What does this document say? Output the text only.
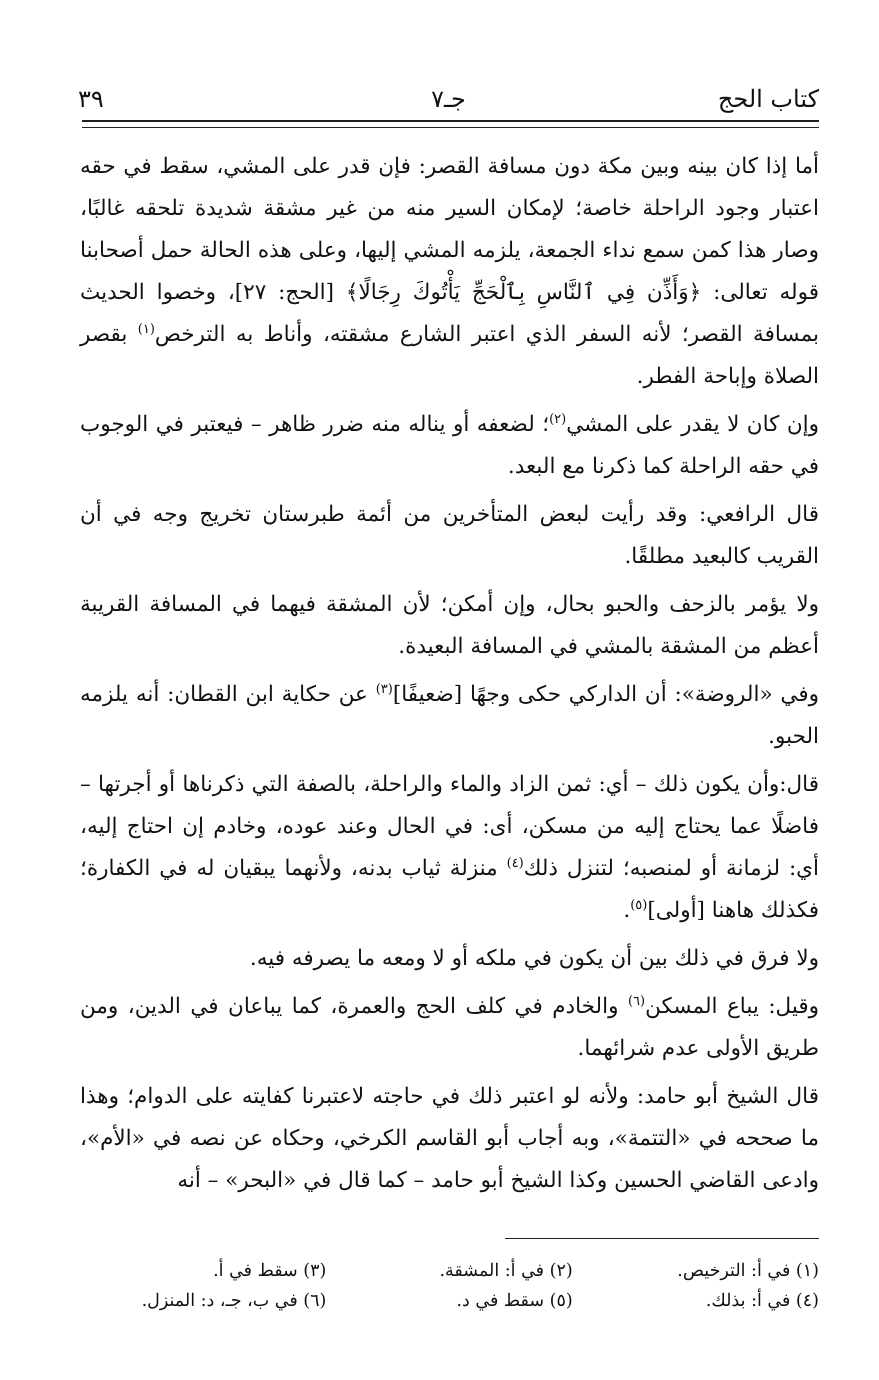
كتاب الحج
جـ٧
٣٩

أما إذا كان بينه وبين مكة دون مسافة القصر: فإن قدر على المشي، سقط في حقه اعتبار وجود الراحلة خاصة؛ لإمكان السير منه من غير مشقة شديدة تلحقه غالبًا، وصار هذا كمن سمع نداء الجمعة، يلزمه المشي إليها، وعلى هذه الحالة حمل أصحابنا قوله تعالى: ﴿وَأَذِّن فِي ٱلنَّاسِ بِٱلْحَجِّ يَأْتُوكَ رِجَالًا﴾ [الحج: ٢٧]، وخصوا الحديث بمسافة القصر؛ لأنه السفر الذي اعتبر الشارع مشقته، وأناط به الترخص$^{(١)}$ بقصر الصلاة وإباحة الفطر.

وإن كان لا يقدر على المشي$^{(٢)}$؛ لضعفه أو يناله منه ضرر ظاهر – فيعتبر في الوجوب في حقه الراحلة كما ذكرنا مع البعد.

قال الرافعي: وقد رأيت لبعض المتأخرين من أئمة طبرستان تخريج وجه في أن القريب كالبعيد مطلقًا.

ولا يؤمر بالزحف والحبو بحال، وإن أمكن؛ لأن المشقة فيهما في المسافة القريبة أعظم من المشقة بالمشي في المسافة البعيدة.

وفي «الروضة»: أن الداركي حكى وجهًا [ضعيفًا]$^{(٣)}$ عن حكاية ابن القطان: أنه يلزمه الحبو.

قال:وأن يكون ذلك – أي: ثمن الزاد والماء والراحلة، بالصفة التي ذكرناها أو أجرتها – فاضلًا عما يحتاج إليه من مسكن، أى: في الحال وعند عوده، وخادم إن احتاج إليه، أي: لزمانة أو لمنصبه؛ لتنزل ذلك$^{(٤)}$ منزلة ثياب بدنه، ولأنهما يبقيان له في الكفارة؛ فكذلك هاهنا [أولى]$^{(٥)}$.

ولا فرق في ذلك بين أن يكون في ملكه أو لا ومعه ما يصرفه فيه.

وقيل: يباع المسكن$^{(٦)}$ والخادم في كلف الحج والعمرة، كما يباعان في الدين، ومن طريق الأولى عدم شرائهما.

قال الشيخ أبو حامد: ولأنه لو اعتبر ذلك في حاجته لاعتبرنا كفايته على الدوام؛ وهذا ما صححه في «التتمة»، وبه أجاب أبو القاسم الكرخي، وحكاه عن نصه في «الأم»، وادعى القاضي الحسين وكذا الشيخ أبو حامد – كما قال في «البحر» – أنه

(١) في أ: الترخيص.
(٢) في أ: المشقة.
(٣) سقط في أ.
(٤) في أ: بذلك.
(٥) سقط في د.
(٦) في ب، جـ، د: المنزل.
